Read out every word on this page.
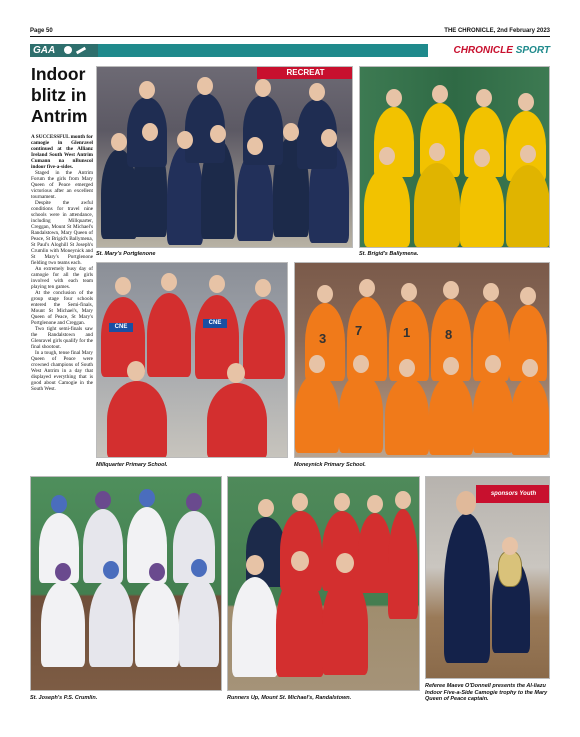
Page 50	THE CHRONICLE, 2nd February 2023
GAA	CHRONICLE SPORT
Indoor
blitz in
Antrim

A SUCCESSFUL month for camogie in Glenravel continued at the Allianz Ireland South West Antrim Cumann na nBunscol indoor five-a-sides.

Staged in the Antrim Forum the girls from Mary Queen of Peace emerged victorious after an excellent tournament.

Despite the awful conditions for travel nine schools were in attendance, including Millquarter, Creggan, Mount St Michael's Randalstown, Mary Queen of Peace, St Brigid's Ballymena, St Paul's Aloghill St Joseph's Crumlin with Moneynick and St Mary's Portglenone fielding two teams each.

An extremely busy day of camogie for all the girls involved with each team playing ten games.

At the conclusion of the group stage four schools entered the Semi-finals, Mount St Michael's, Mary Queen of Peace, St Mary's Portglenone and Creggan.

Two tight semi-finals saw the Randalstown and Glenravel girls qualify for the final shootout.

In a tough, tense final Mary Queen of Peace were crowned champions of South West Antrim in a day that displayed everything that is good about Camogie in the South West.

RECREAT
St. Mary's Portglenone	St. Brigid's Ballymena.
CNE
CNE
Millquarter Primary School.
7	1	8
3
Moneynick Primary School.
St. Joseph's P.S. Crumlin.	Runners Up, Mount St. Michael's, Randalstown.
sponsors Youth
Referee Maeve O'Donnell presents the Al-liazu Indoor Five-a-Side Camogie trophy to the Mary Queen of Peace captain.
